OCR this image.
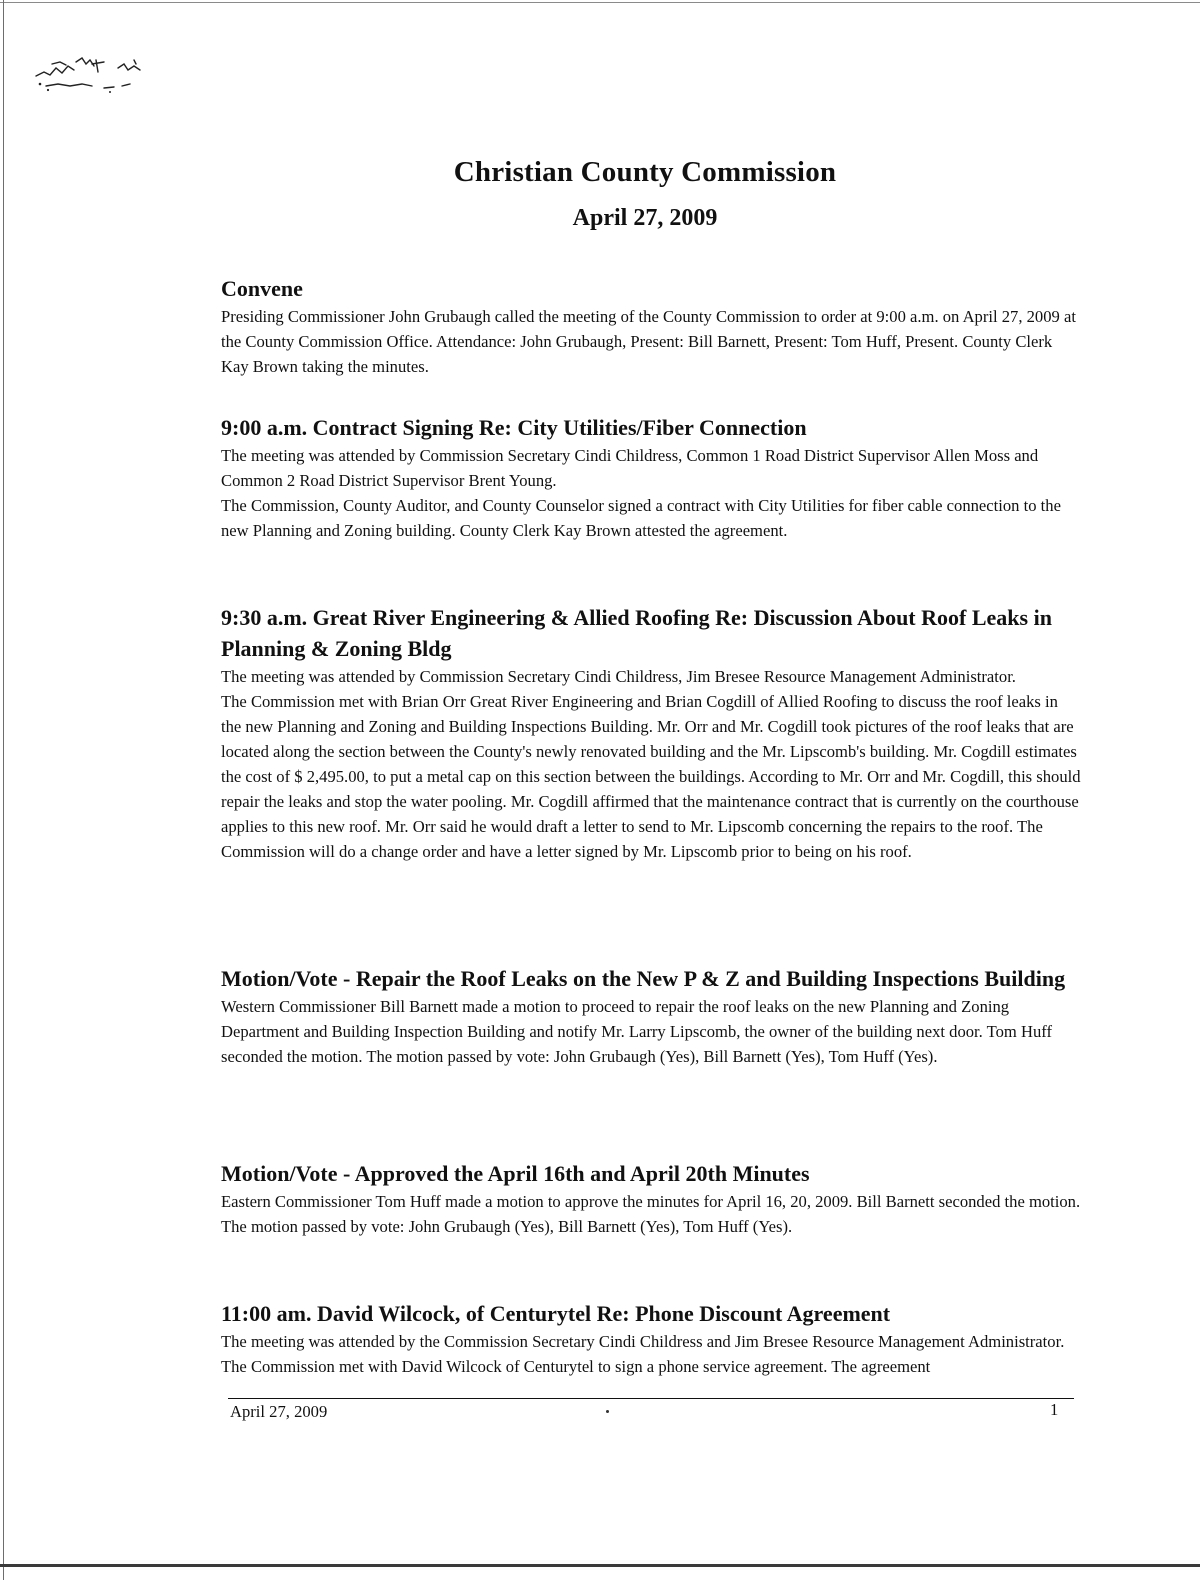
Christian County Commission
April 27, 2009
Convene

Presiding Commissioner John Grubaugh called the meeting of the County Commission to order at 9:00 a.m. on April 27, 2009 at the County Commission Office. Attendance: John Grubaugh, Present: Bill Barnett, Present: Tom Huff, Present. County Clerk Kay Brown taking the minutes.

9:00 a.m. Contract Signing Re: City Utilities/Fiber Connection

The meeting was attended by Commission Secretary Cindi Childress, Common 1 Road District Supervisor Allen Moss and Common 2 Road District Supervisor Brent Young.

The Commission, County Auditor, and County Counselor signed a contract with City Utilities for fiber cable connection to the new Planning and Zoning building. County Clerk Kay Brown attested the agreement.

9:30 a.m. Great River Engineering & Allied Roofing Re: Discussion About Roof Leaks in Planning & Zoning Bldg

The meeting was attended by Commission Secretary Cindi Childress, Jim Bresee Resource Management Administrator.

The Commission met with Brian Orr Great River Engineering and Brian Cogdill of Allied Roofing to discuss the roof leaks in the new Planning and Zoning and Building Inspections Building. Mr. Orr and Mr. Cogdill took pictures of the roof leaks that are located along the section between the County's newly renovated building and the Mr. Lipscomb's building. Mr. Cogdill estimates the cost of $ 2,495.00, to put a metal cap on this section between the buildings. According to Mr. Orr and Mr. Cogdill, this should repair the leaks and stop the water pooling. Mr. Cogdill affirmed that the maintenance contract that is currently on the courthouse applies to this new roof. Mr. Orr said he would draft a letter to send to Mr. Lipscomb concerning the repairs to the roof. The Commission will do a change order and have a letter signed by Mr. Lipscomb prior to being on his roof.

Motion/Vote - Repair the Roof Leaks on the New P & Z and Building Inspections Building

Western Commissioner Bill Barnett made a motion to proceed to repair the roof leaks on the new Planning and Zoning Department and Building Inspection Building and notify Mr. Larry Lipscomb, the owner of the building next door. Tom Huff seconded the motion. The motion passed by vote: John Grubaugh (Yes), Bill Barnett (Yes), Tom Huff (Yes).

Motion/Vote - Approved the April 16th and April 20th Minutes

Eastern Commissioner Tom Huff made a motion to approve the minutes for April 16, 20, 2009. Bill Barnett seconded the motion. The motion passed by vote: John Grubaugh (Yes), Bill Barnett (Yes), Tom Huff (Yes).

11:00 am. David Wilcock, of Centurytel Re: Phone Discount Agreement

The meeting was attended by the Commission Secretary Cindi Childress and Jim Bresee Resource Management Administrator.

The Commission met with David Wilcock of Centurytel to sign a phone service agreement. The agreement

April 27, 2009	1
